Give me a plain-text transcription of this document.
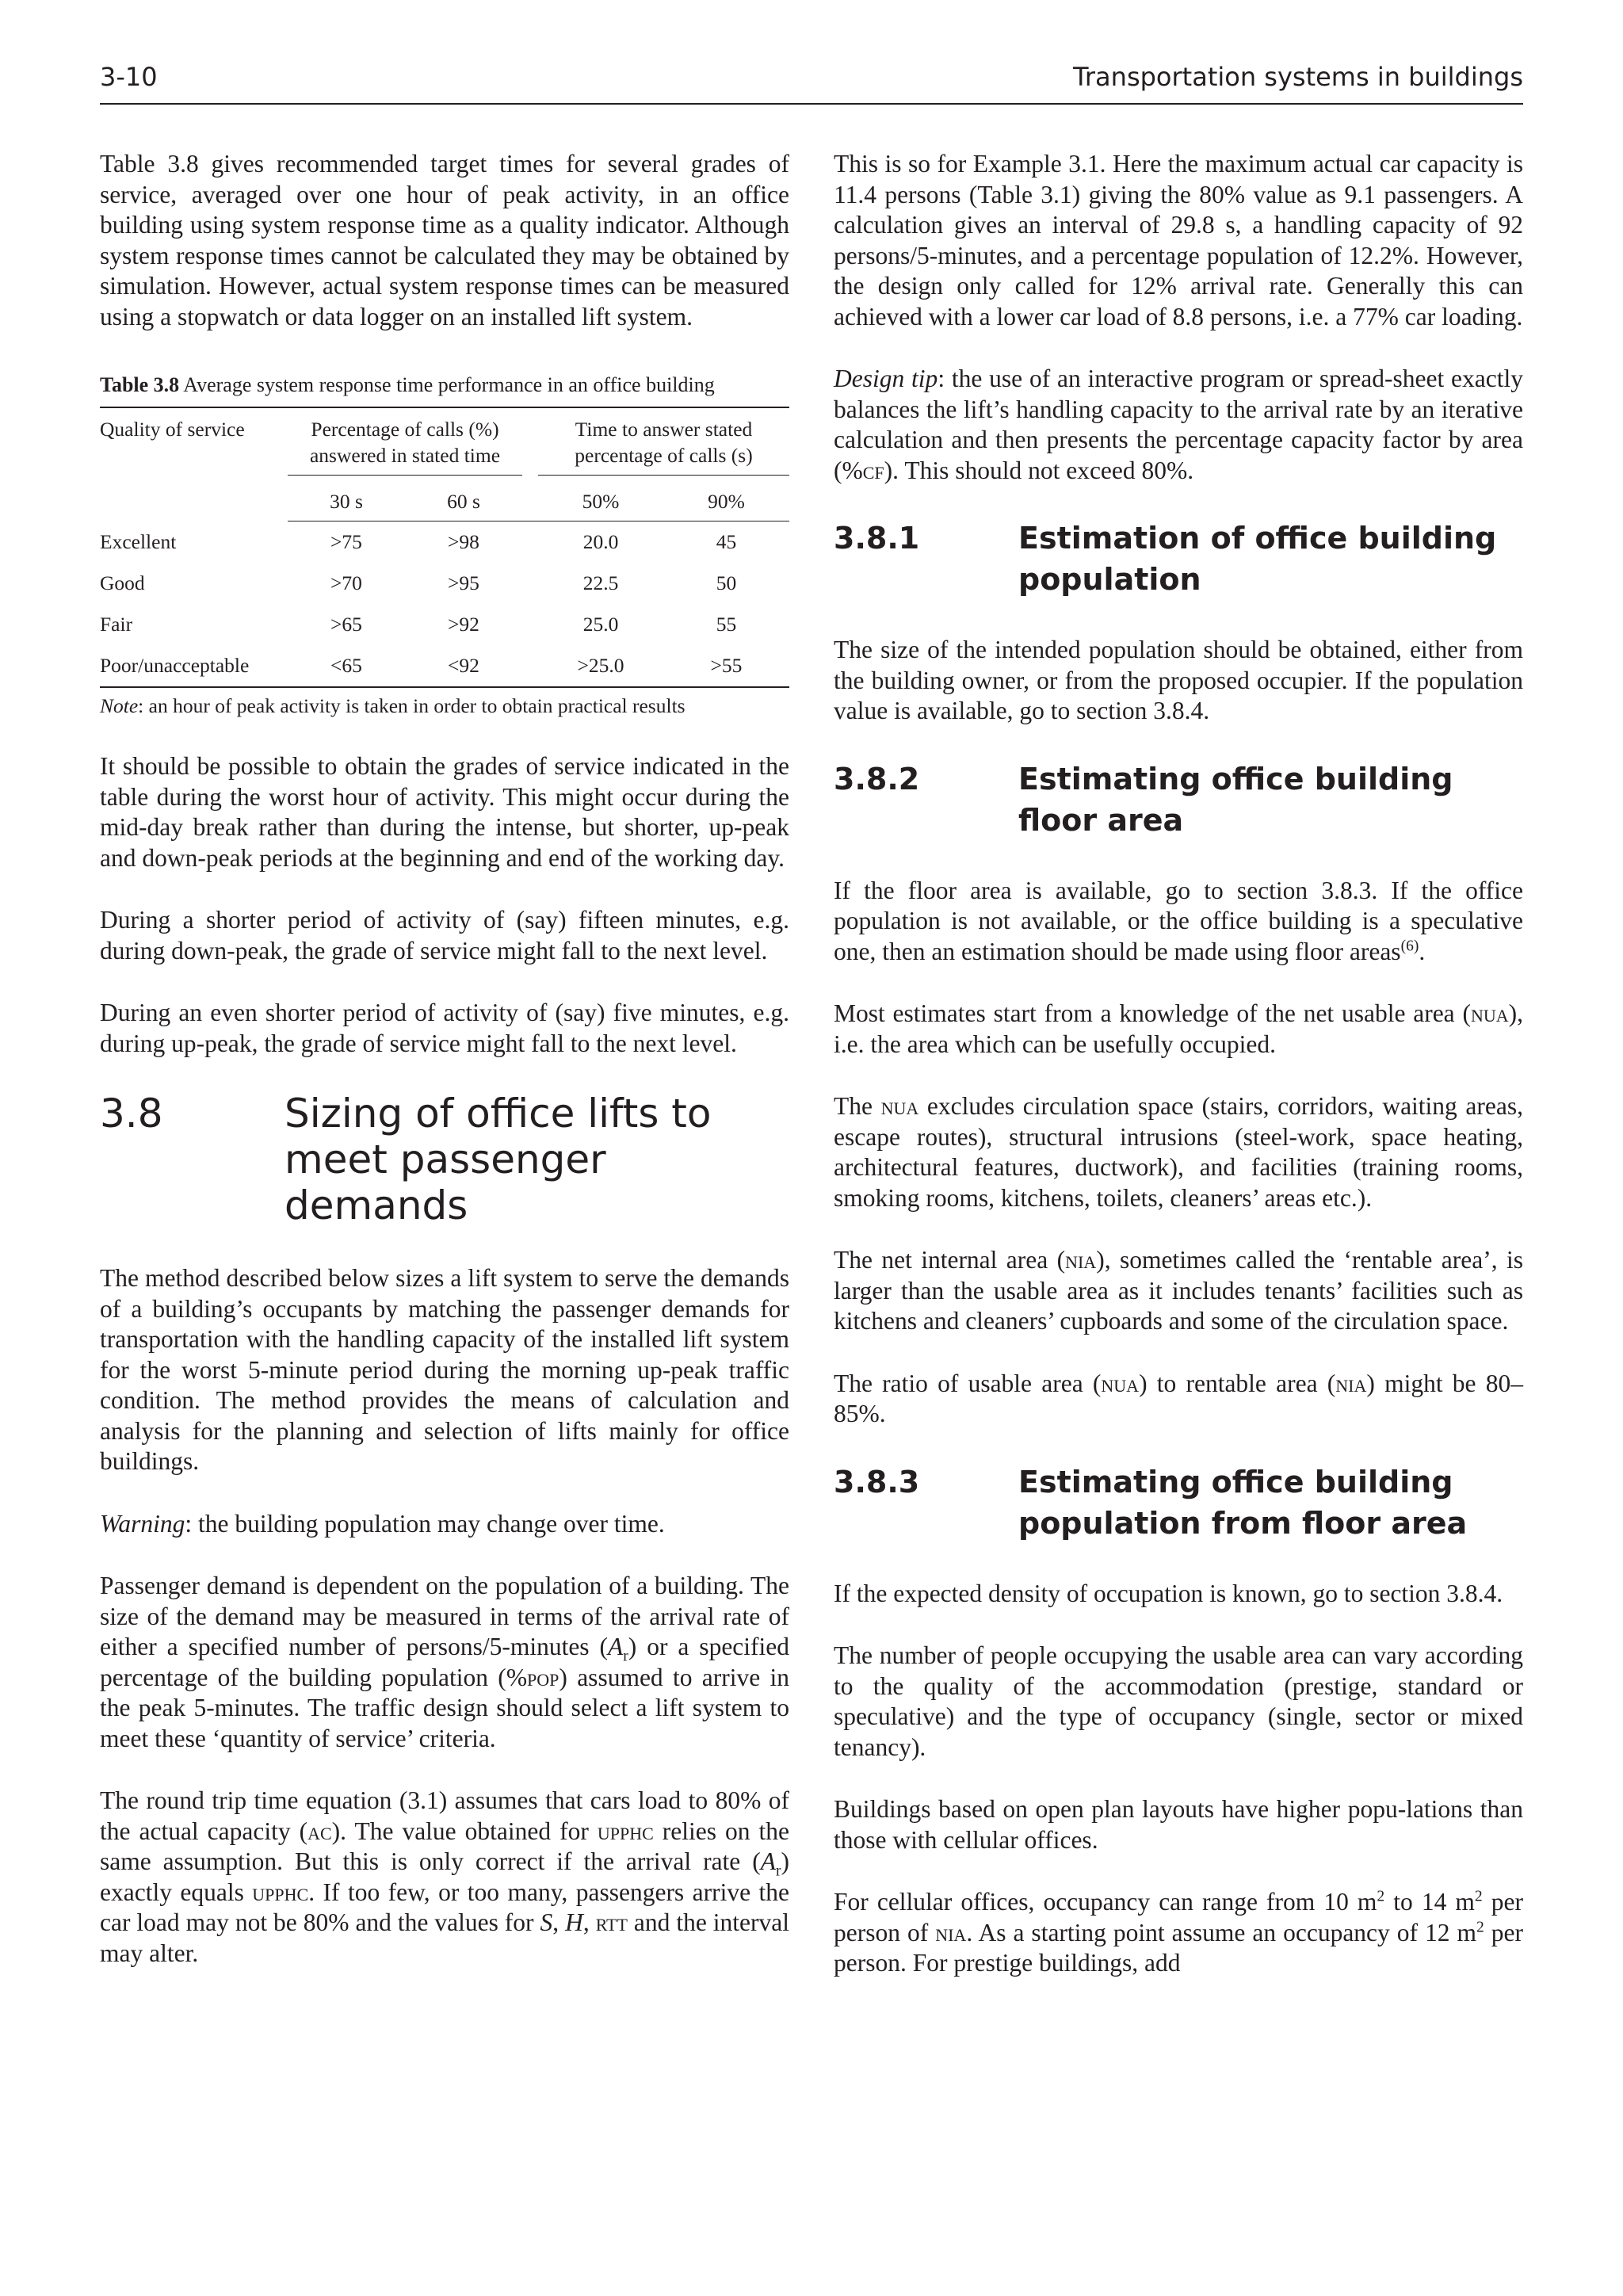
3-10	Transportation systems in buildings

Table 3.8 gives recommended target times for several grades of service, averaged over one hour of peak activity, in an office building using system response time as a quality indicator. Although system response times cannot be calculated they may be obtained by simulation. However, actual system response times can be measured using a stopwatch or data logger on an installed lift system.

Table 3.8 Average system response time performance in an office building
Quality of service	Percentage of calls (%) answered in stated time			Time to answer stated percentage of calls (s)	

	30 s	60 s		50%	90%
Excellent	>75	>98		20.0	45
Good	>70	>95		22.5	50
Fair	>65	>92		25.0	55
Poor/unacceptable	<65	<92		>25.0	>55
Note: an hour of peak activity is taken in order to obtain practical results

It should be possible to obtain the grades of service indicated in the table during the worst hour of activity. This might occur during the mid-day break rather than during the intense, but shorter, up-peak and down-peak periods at the beginning and end of the working day.

During a shorter period of activity of (say) fifteen minutes, e.g. during down-peak, the grade of service might fall to the next level.

During an even shorter period of activity of (say) five minutes, e.g. during up-peak, the grade of service might fall to the next level.

3.8	Sizing of office lifts to meet passenger demands

The method described below sizes a lift system to serve the demands of a building’s occupants by matching the passenger demands for transportation with the handling capacity of the installed lift system for the worst 5-minute period during the morning up-peak traffic condition. The method provides the means of calculation and analysis for the planning and selection of lifts mainly for office buildings.

Warning: the building population may change over time.

Passenger demand is dependent on the population of a building. The size of the demand may be measured in terms of the arrival rate of either a specified number of persons/5-minutes $(A_r)$ or a specified percentage of the building population (%pop) assumed to arrive in the peak 5-minutes. The traffic design should select a lift system to meet these ‘quantity of service’ criteria.

The round trip time equation (3.1) assumes that cars load to 80% of the actual capacity (ac). The value obtained for upphc relies on the same assumption. But this is only correct if the arrival rate $(A_r)$ exactly equals upphc. If too few, or too many, passengers arrive the car load may not be 80% and the values for S, H, rtt and the interval may alter.

This is so for Example 3.1. Here the maximum actual car capacity is 11.4 persons (Table 3.1) giving the 80% value as 9.1 passengers. A calculation gives an interval of 29.8 s, a handling capacity of 92 persons/5-minutes, and a percentage population of 12.2%. However, the design only called for 12% arrival rate. Generally this can achieved with a lower car load of 8.8 persons, i.e. a 77% car loading.

Design tip: the use of an interactive program or spread-sheet exactly balances the lift’s handling capacity to the arrival rate by an iterative calculation and then presents the percentage capacity factor by area (%cf). This should not exceed 80%.

3.8.1	Estimation of office building population

The size of the intended population should be obtained, either from the building owner, or from the proposed occupier. If the population value is available, go to section 3.8.4.

3.8.2	Estimating office building floor area

If the floor area is available, go to section 3.8.3. If the office population is not available, or the office building is a speculative one, then an estimation should be made using floor areas$^{(6)}$.

Most estimates start from a knowledge of the net usable area (nua), i.e. the area which can be usefully occupied.

The nua excludes circulation space (stairs, corridors, waiting areas, escape routes), structural intrusions (steel-work, space heating, architectural features, ductwork), and facilities (training rooms, smoking rooms, kitchens, toilets, cleaners’ areas etc.).

The net internal area (nia), sometimes called the ‘rentable area’, is larger than the usable area as it includes tenants’ facilities such as kitchens and cleaners’ cupboards and some of the circulation space.

The ratio of usable area (nua) to rentable area (nia) might be 80–85%.

3.8.3	Estimating office building population from floor area

If the expected density of occupation is known, go to section 3.8.4.

The number of people occupying the usable area can vary according to the quality of the accommodation (prestige, standard or speculative) and the type of occupancy (single, sector or mixed tenancy).

Buildings based on open plan layouts have higher popu-lations than those with cellular offices.

For cellular offices, occupancy can range from 10 $m^2$ to 14 $m^2$ per person of nia. As a starting point assume an occupancy of 12 $m^2$ per person. For prestige buildings, add
